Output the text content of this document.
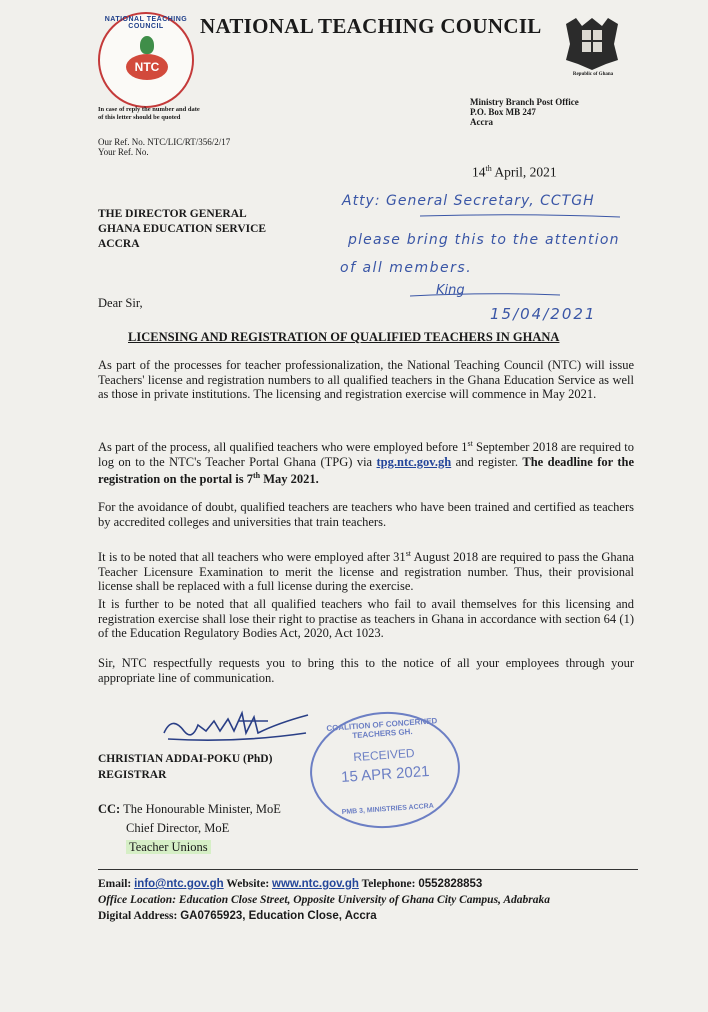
NATIONAL TEACHING COUNCIL
NTC
NATIONAL TEACHING COUNCIL
Republic of Ghana
In case of reply the number and date
of this letter should be quoted
Ministry Branch Post Office
P.O. Box MB 247
Accra
Our Ref. No. NTC/LIC/RT/356/2/17
Your Ref. No.
14th April, 2021
THE DIRECTOR GENERAL
GHANA EDUCATION SERVICE
ACCRA
Atty: General Secretary, CCTGH
please bring this to the attention
of all members.
King
15/04/2021
Dear Sir,
LICENSING AND REGISTRATION OF QUALIFIED TEACHERS IN GHANA

As part of the processes for teacher professionalization, the National Teaching Council (NTC) will issue Teachers' license and registration numbers to all qualified teachers in the Ghana Education Service as well as those in private institutions. The licensing and registration exercise will commence in May 2021.

As part of the process, all qualified teachers who were employed before 1st September 2018 are required to log on to the NTC's Teacher Portal Ghana (TPG) via tpg.ntc.gov.gh and register. The deadline for the registration on the portal is 7th May 2021.

For the avoidance of doubt, qualified teachers are teachers who have been trained and certified as teachers by accredited colleges and universities that train teachers.

It is to be noted that all teachers who were employed after 31st August 2018 are required to pass the Ghana Teacher Licensure Examination to merit the license and registration number. Thus, their provisional license shall be replaced with a full license during the exercise.

It is further to be noted that all qualified teachers who fail to avail themselves for this licensing and registration exercise shall lose their right to practise as teachers in Ghana in accordance with section 64 (1) of the Education Regulatory Bodies Act, 2020, Act 1023.

Sir, NTC respectfully requests you to bring this to the notice of all your employees through your appropriate line of communication.

CHRISTIAN ADDAI-POKU (PhD)
REGISTRAR
COALITION OF CONCERNED TEACHERS GH.
RECEIVED
15 APR 2021
PMB 3, MINISTRIES ACCRA
CC: The Honourable Minister, MoE
Chief Director, MoE
Teacher Unions
Email: info@ntc.gov.gh Website: www.ntc.gov.gh Telephone: 0552828853
Office Location: Education Close Street, Opposite University of Ghana City Campus, Adabraka
Digital Address: GA0765923, Education Close, Accra
